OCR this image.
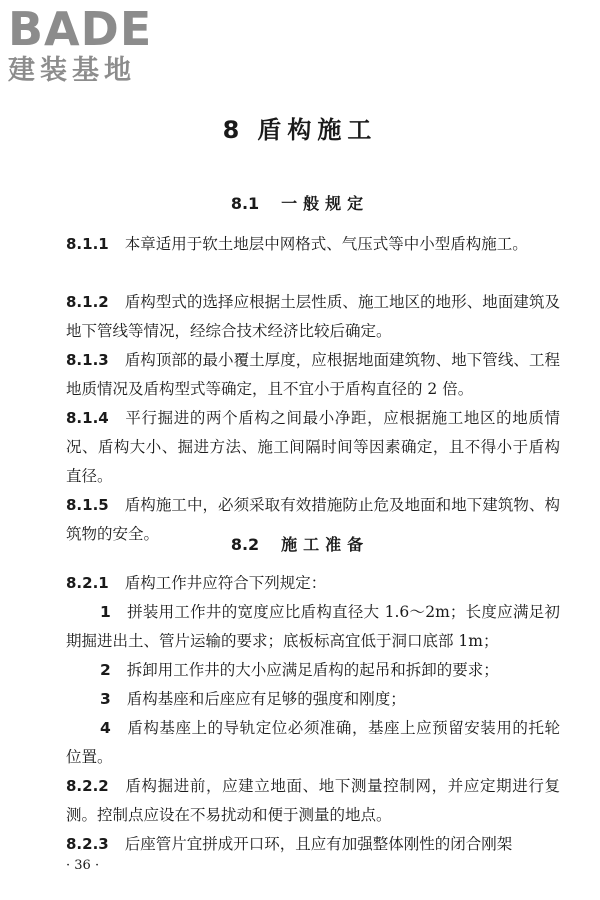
BADE
建装基地
8 盾构施工
8.1 一般规定
8.1.1 本章适用于软土地层中网格式、气压式等中小型盾构施工。
8.1.2 盾构型式的选择应根据土层性质、施工地区的地形、地面建筑及地下管线等情况，经综合技术经济比较后确定。
8.1.3 盾构顶部的最小覆土厚度，应根据地面建筑物、地下管线、工程地质情况及盾构型式等确定，且不宜小于盾构直径的 2 倍。
8.1.4 平行掘进的两个盾构之间最小净距，应根据施工地区的地质情况、盾构大小、掘进方法、施工间隔时间等因素确定，且不得小于盾构直径。
8.1.5 盾构施工中，必须采取有效措施防止危及地面和地下建筑物、构筑物的安全。
8.2 施工准备
8.2.1 盾构工作井应符合下列规定：
1 拼装用工作井的宽度应比盾构直径大 1.6～2m；长度应满足初期掘进出土、管片运输的要求；底板标高宜低于洞口底部 1m；
2 拆卸用工作井的大小应满足盾构的起吊和拆卸的要求；
3 盾构基座和后座应有足够的强度和刚度；
4 盾构基座上的导轨定位必须准确，基座上应预留安装用的托轮位置。
8.2.2 盾构掘进前，应建立地面、地下测量控制网，并应定期进行复测。控制点应设在不易扰动和便于测量的地点。
8.2.3 后座管片宜拼成开口环，且应有加强整体刚性的闭合刚架
· 36 ·
